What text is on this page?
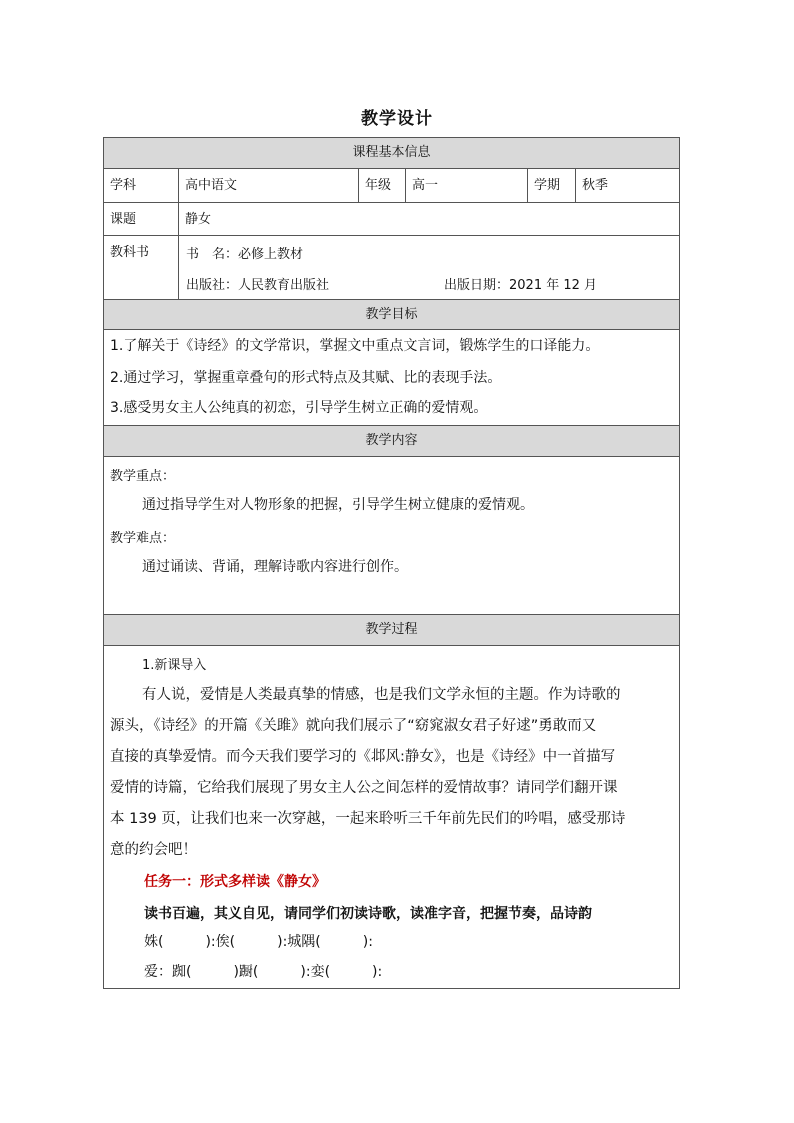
教学设计
课程基本信息
学科	高中语文	年级	高一	学期	秋季
课题	静女
教科书	书　名：必修上教材
出版社：人民教育出版社	出版日期：2021 年 12 月
教学目标
1.了解关于《诗经》的文学常识，掌握文中重点文言词，锻炼学生的口译能力。
2.通过学习，掌握重章叠句的形式特点及其赋、比的表现手法。
3.感受男女主人公纯真的初恋，引导学生树立正确的爱情观。
教学内容
教学重点：
通过指导学生对人物形象的把握，引导学生树立健康的爱情观。
教学难点：
通过诵读、背诵，理解诗歌内容进行创作。
教学过程
1.新课导入
有人说，爱情是人类最真挚的情感，也是我们文学永恒的主题。作为诗歌的
源头，《诗经》的开篇《关雎》就向我们展示了“窈窕淑女君子好逑”勇敢而又
直接的真挚爱情。而今天我们要学习的《邶风:静女》，也是《诗经》中一首描写
爱情的诗篇，它给我们展现了男女主人公之间怎样的爱情故事？请同学们翻开课
本 139 页，让我们也来一次穿越，一起来聆听三千年前先民们的吟唱，感受那诗
意的约会吧！
任务一：形式多样读《静女》
读书百遍，其义自见，请同学们初读诗歌，读准字音，把握节奏，品诗韵
姝(　　　):俟(　　　):城隅(　　　):
爱：踟(　　　)蹰(　　　):娈(　　　):
